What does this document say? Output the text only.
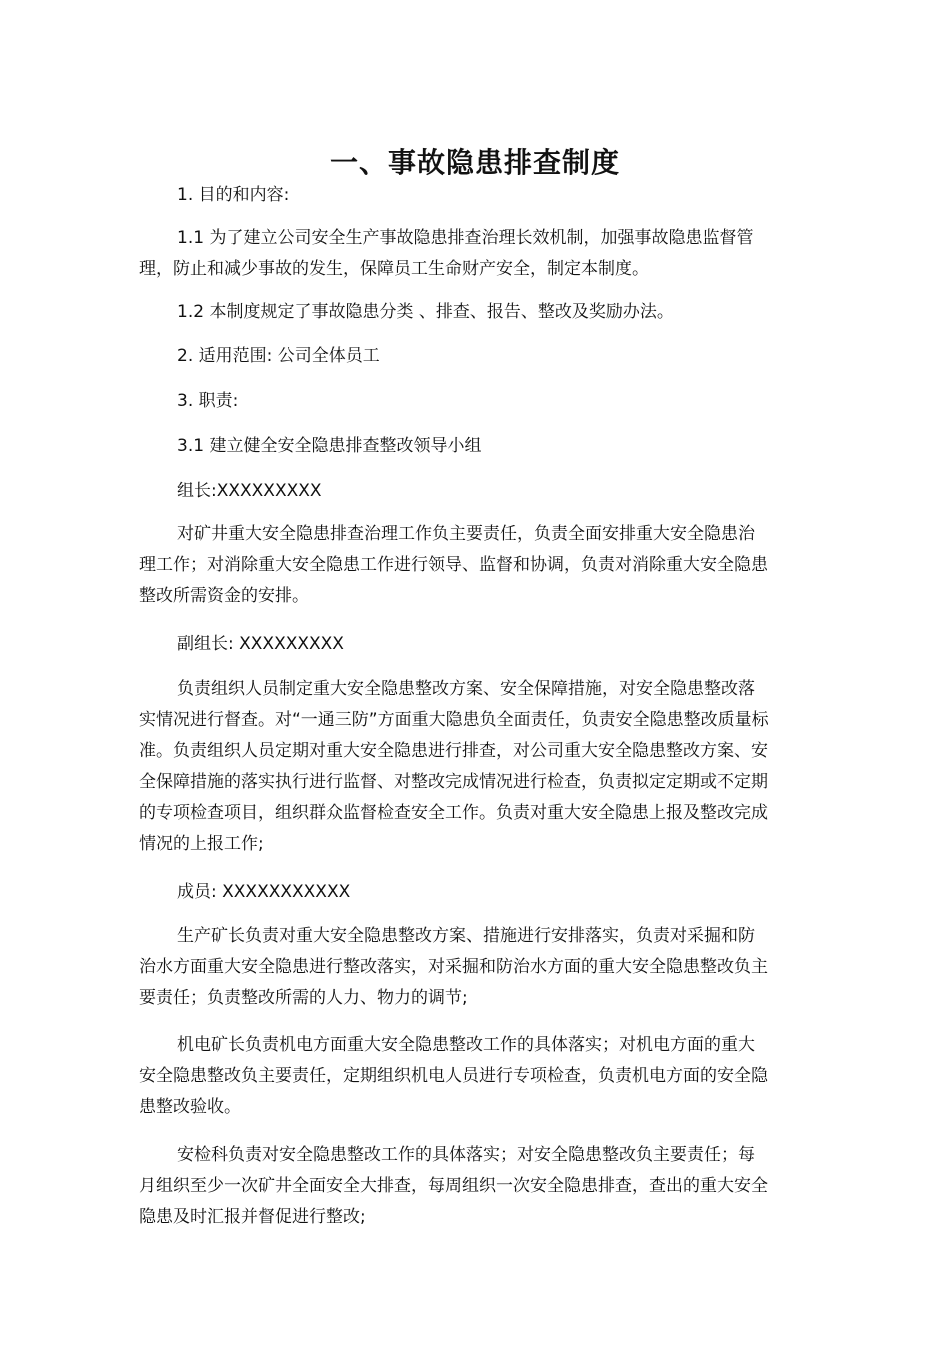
一、事故隐患排查制度

1. 目的和内容:

1.1 为了建立公司安全生产事故隐患排查治理长效机制，加强事故隐患监督管理，防止和减少事故的发生，保障员工生命财产安全，制定本制度。

1.2 本制度规定了事故隐患分类 、排查、报告、整改及奖励办法。

2. 适用范围: 公司全体员工

3. 职责:

3.1 建立健全安全隐患排查整改领导小组

组长:XXXXXXXXX

对矿井重大安全隐患排查治理工作负主要责任，负责全面安排重大安全隐患治理工作；对消除重大安全隐患工作进行领导、监督和协调，负责对消除重大安全隐患整改所需资金的安排。

副组长: XXXXXXXXX

负责组织人员制定重大安全隐患整改方案、安全保障措施，对安全隐患整改落实情况进行督查。对“一通三防”方面重大隐患负全面责任，负责安全隐患整改质量标准。负责组织人员定期对重大安全隐患进行排查，对公司重大安全隐患整改方案、安全保障措施的落实执行进行监督、对整改完成情况进行检查，负责拟定定期或不定期的专项检查项目，组织群众监督检查安全工作。负责对重大安全隐患上报及整改完成情况的上报工作;

成员: XXXXXXXXXXX

生产矿长负责对重大安全隐患整改方案、措施进行安排落实，负责对采掘和防治水方面重大安全隐患进行整改落实，对采掘和防治水方面的重大安全隐患整改负主要责任；负责整改所需的人力、物力的调节;

机电矿长负责机电方面重大安全隐患整改工作的具体落实；对机电方面的重大安全隐患整改负主要责任，定期组织机电人员进行专项检查，负责机电方面的安全隐患整改验收。

安检科负责对安全隐患整改工作的具体落实；对安全隐患整改负主要责任；每月组织至少一次矿井全面安全大排查，每周组织一次安全隐患排查，查出的重大安全隐患及时汇报并督促进行整改;
